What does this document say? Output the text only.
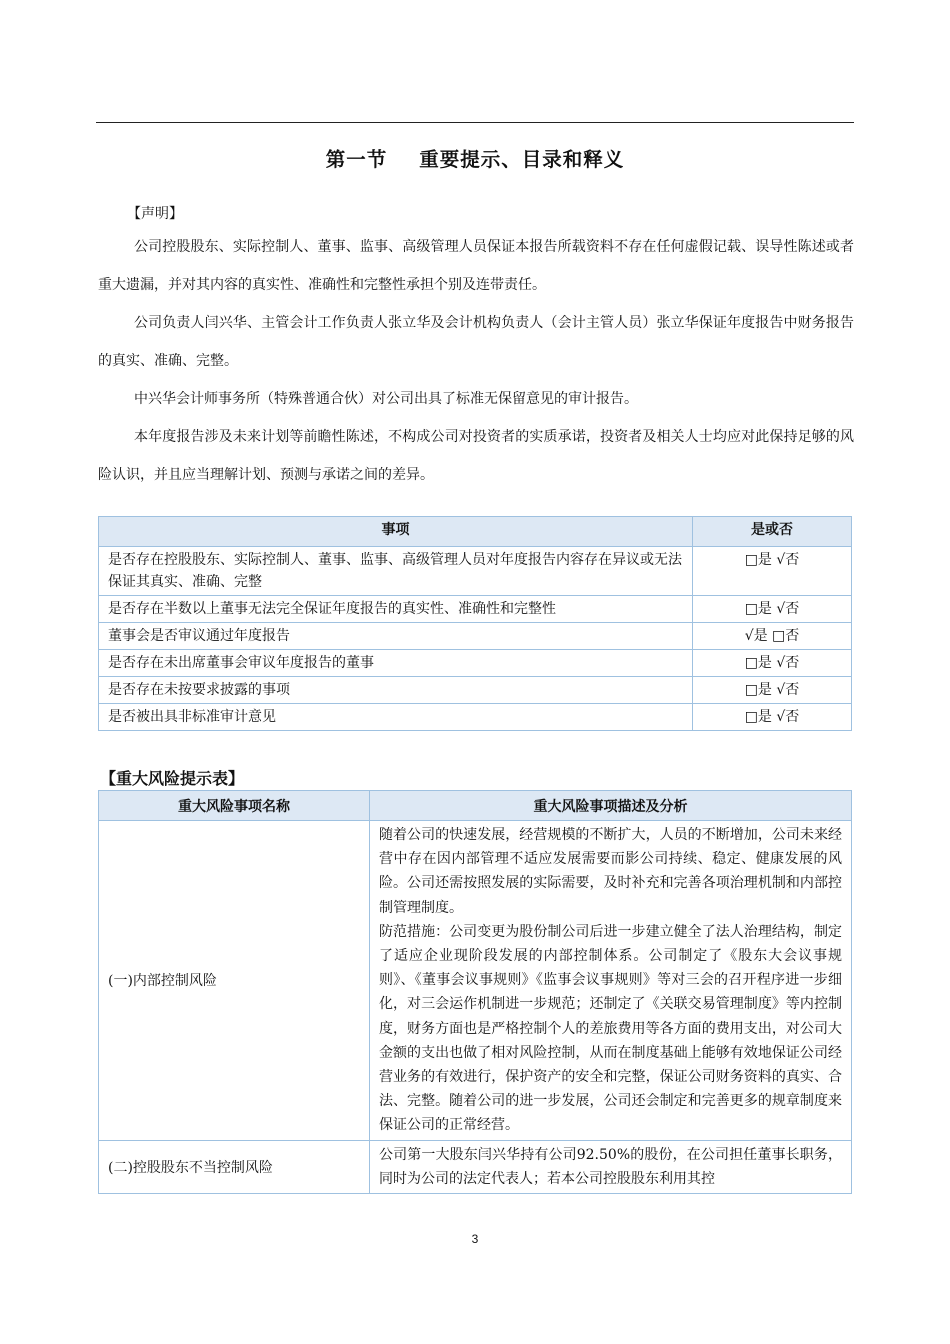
第一节 重要提示、目录和释义
【声明】
公司控股股东、实际控制人、董事、监事、高级管理人员保证本报告所载资料不存在任何虚假记载、误导性陈述或者重大遗漏，并对其内容的真实性、准确性和完整性承担个别及连带责任。
公司负责人闫兴华、主管会计工作负责人张立华及会计机构负责人（会计主管人员）张立华保证年度报告中财务报告的真实、准确、完整。
中兴华会计师事务所（特殊普通合伙）对公司出具了标准无保留意见的审计报告。
本年度报告涉及未来计划等前瞻性陈述，不构成公司对投资者的实质承诺，投资者及相关人士均应对此保持足够的风险认识，并且应当理解计划、预测与承诺之间的差异。
事项	是或否
是否存在控股股东、实际控制人、董事、监事、高级管理人员对年度报告内容存在异议或无法保证其真实、准确、完整	□是 √否
是否存在半数以上董事无法完全保证年度报告的真实性、准确性和完整性	□是 √否
董事会是否审议通过年度报告	√是 □否
是否存在未出席董事会审议年度报告的董事	□是 √否
是否存在未按要求披露的事项	□是 √否
是否被出具非标准审计意见	□是 √否
【重大风险提示表】
重大风险事项名称	重大风险事项描述及分析
(一)内部控制风险	随着公司的快速发展，经营规模的不断扩大，人员的不断增加，公司未来经营中存在因内部管理不适应发展需要而影公司持续、稳定、健康发展的风险。公司还需按照发展的实际需要，及时补充和完善各项治理机制和内部控制管理制度。
防范措施：公司变更为股份制公司后进一步建立健全了法人治理结构，制定了适应企业现阶段发展的内部控制体系。公司制定了《股东大会议事规则》、《董事会议事规则》《监事会议事规则》等对三会的召开程序进一步细化，对三会运作机制进一步规范；还制定了《关联交易管理制度》等内控制度，财务方面也是严格控制个人的差旅费用等各方面的费用支出，对公司大金额的支出也做了相对风险控制，从而在制度基础上能够有效地保证公司经营业务的有效进行，保护资产的安全和完整，保证公司财务资料的真实、合法、完整。随着公司的进一步发展，公司还会制定和完善更多的规章制度来保证公司的正常经营。

(二)控股股东不当控制风险	公司第一大股东闫兴华持有公司92.50%的股份，在公司担任董事长职务，同时为公司的法定代表人；若本公司控股股东利用其控
3
